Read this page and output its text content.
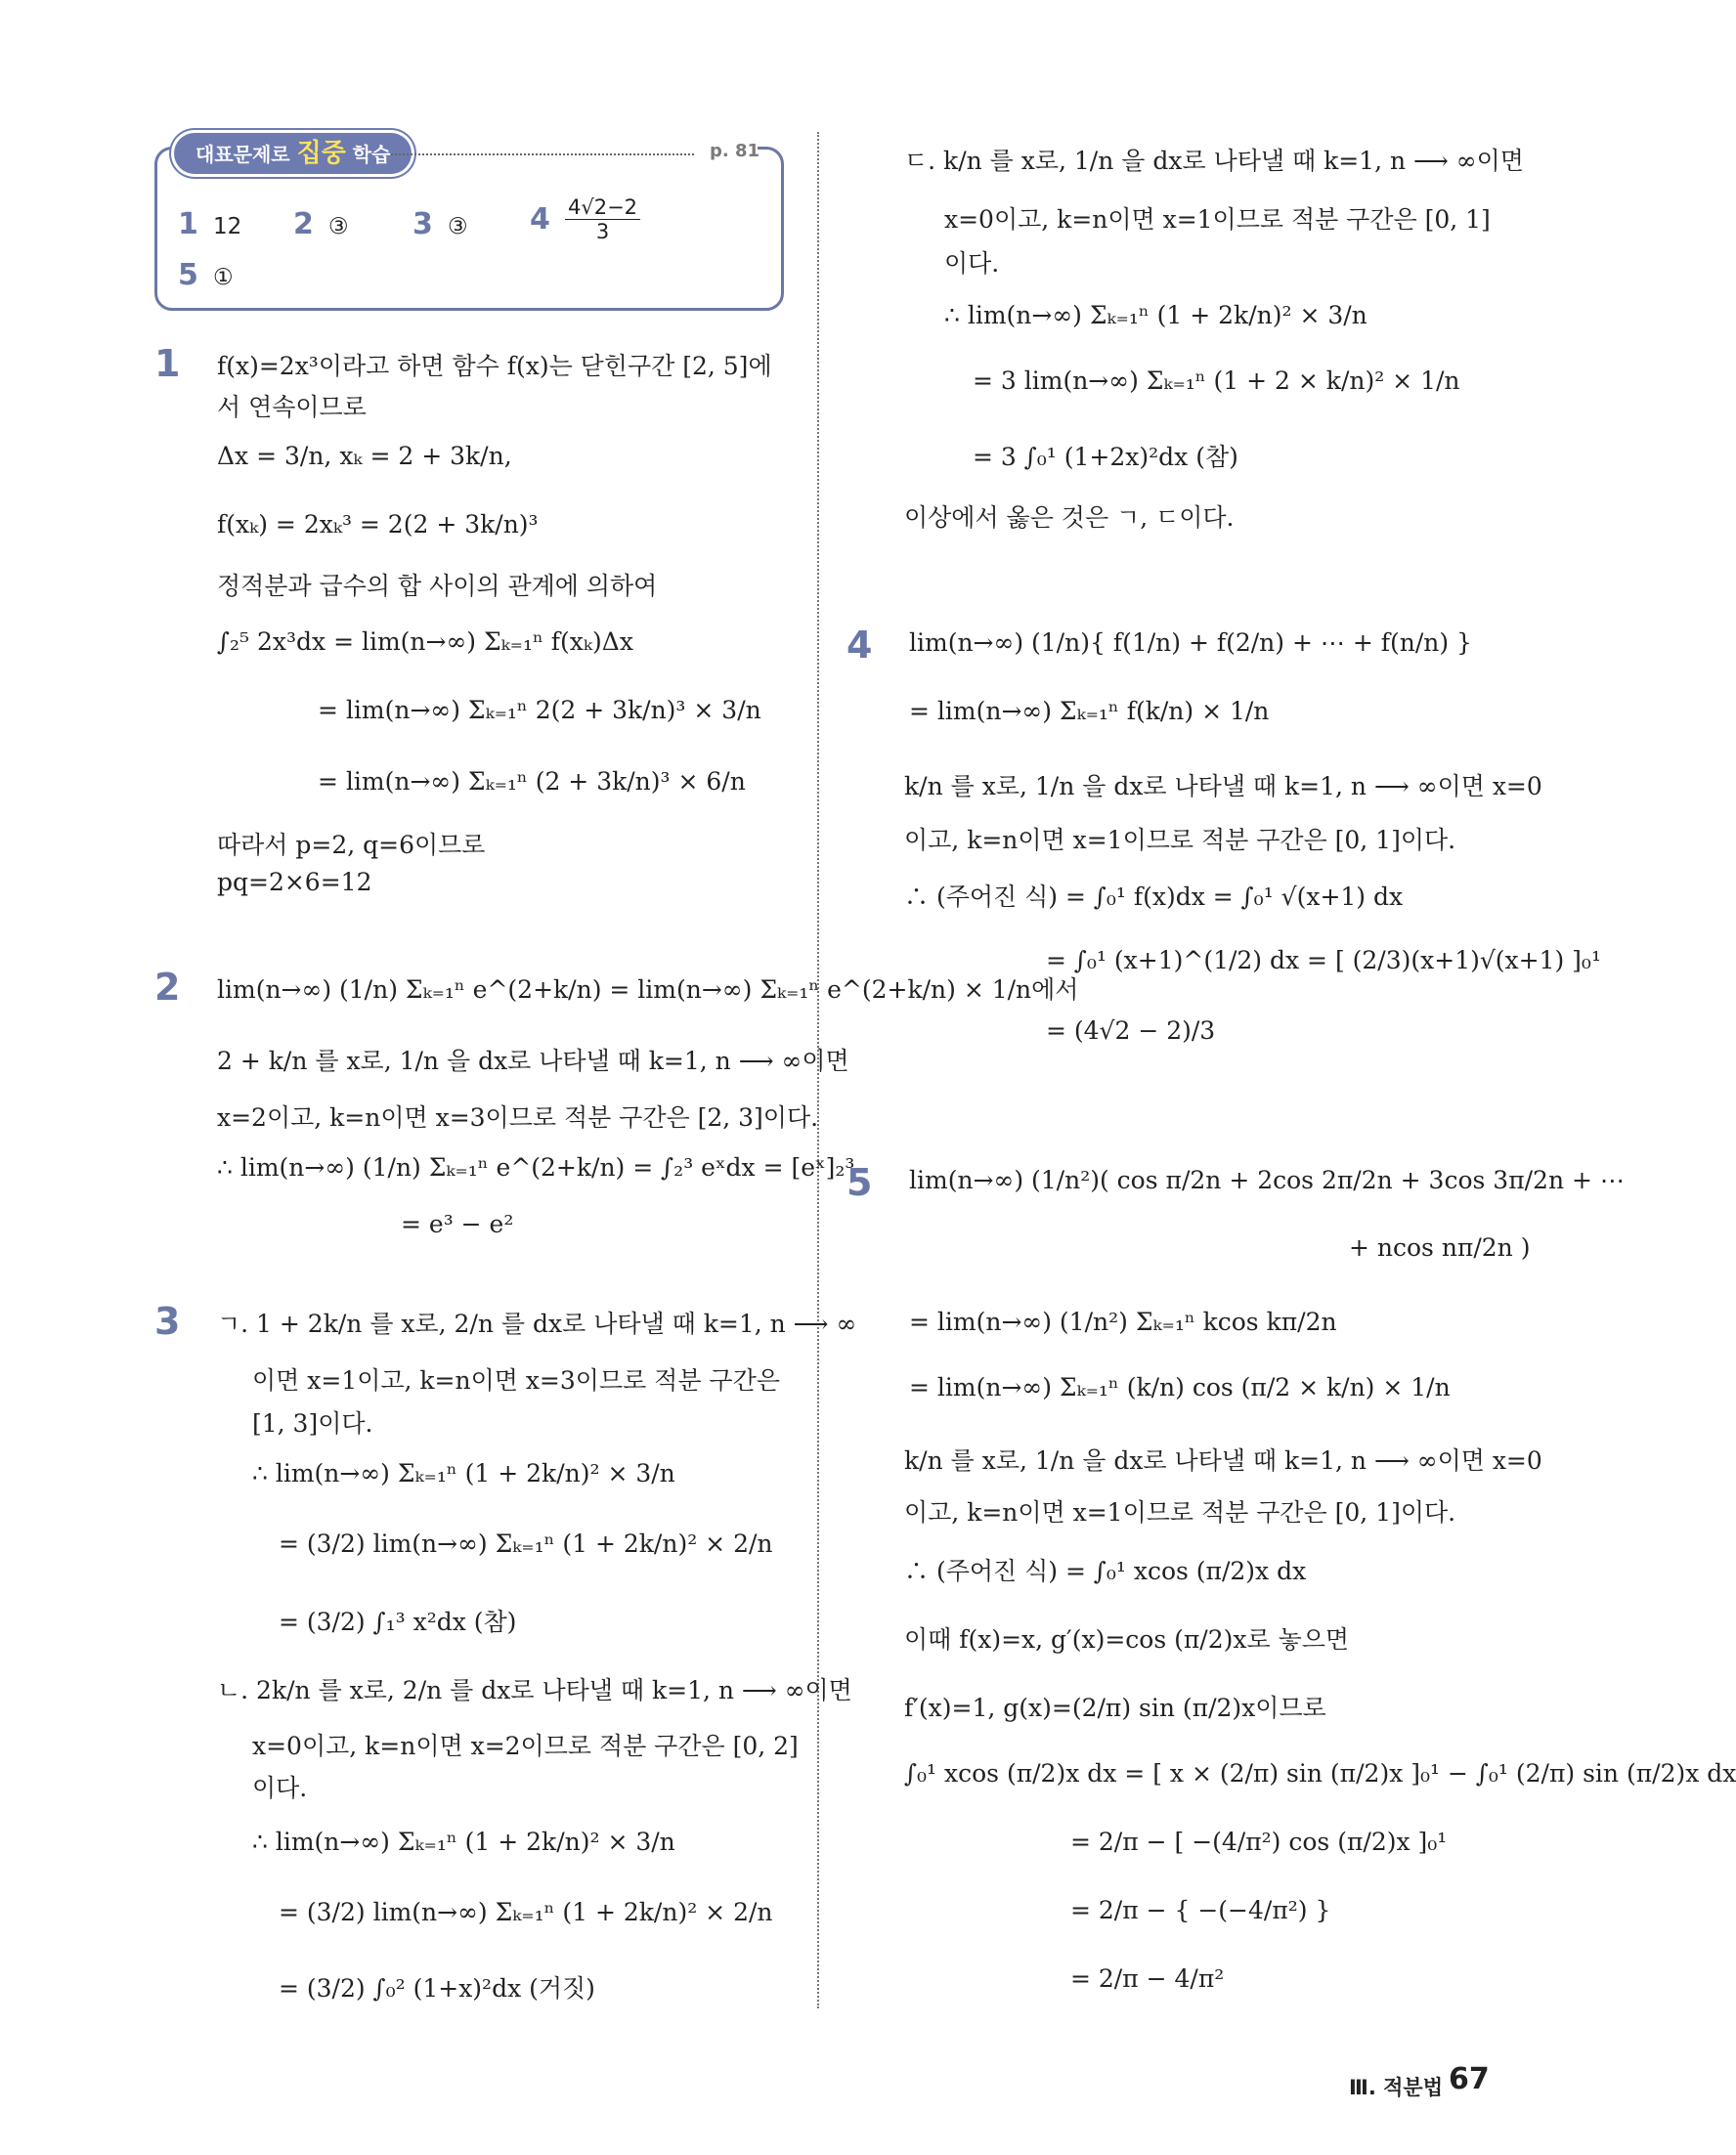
대표문제로 집중 학습	p. 81
1 12 2 ③ 3 ③ $4 \frac{4√2-2}{3}$
5 ①
1 f(x)=2x³이라고 하면 함수 f(x)는 닫힌구간 [2, 5]에
서 연속이므로
Δx = 3/n, xₖ = 2 + 3k/n,
f(xₖ) = 2xₖ³ = 2(2 + 3k/n)³
정적분과 급수의 합 사이의 관계에 의하여
∫₂⁵ 2x³dx = lim(n→∞) Σₖ₌₁ⁿ f(xₖ)Δx
= lim(n→∞) Σₖ₌₁ⁿ 2(2 + 3k/n)³ × 3/n
= lim(n→∞) Σₖ₌₁ⁿ (2 + 3k/n)³ × 6/n
따라서 p=2, q=6이므로
pq=2×6=12
2 lim(n→∞) (1/n) Σₖ₌₁ⁿ e^(2+k/n) = lim(n→∞) Σₖ₌₁ⁿ e^(2+k/n) × 1/n에서
2 + k/n 를 x로, 1/n 을 dx로 나타낼 때 k=1, n ⟶ ∞이면
x=2이고, k=n이면 x=3이므로 적분 구간은 [2, 3]이다.
∴ lim(n→∞) (1/n) Σₖ₌₁ⁿ e^(2+k/n) = ∫₂³ eˣdx = [eˣ]₂³
= e³ − e²
3 ㄱ. 1 + 2k/n 를 x로, 2/n 를 dx로 나타낼 때 k=1, n ⟶ ∞
이면 x=1이고, k=n이면 x=3이므로 적분 구간은
[1, 3]이다.
∴ lim(n→∞) Σₖ₌₁ⁿ (1 + 2k/n)² × 3/n
= (3/2) lim(n→∞) Σₖ₌₁ⁿ (1 + 2k/n)² × 2/n
= (3/2) ∫₁³ x²dx (참)
ㄴ. 2k/n 를 x로, 2/n 를 dx로 나타낼 때 k=1, n ⟶ ∞이면
x=0이고, k=n이면 x=2이므로 적분 구간은 [0, 2]
이다.
∴ lim(n→∞) Σₖ₌₁ⁿ (1 + 2k/n)² × 3/n
= (3/2) lim(n→∞) Σₖ₌₁ⁿ (1 + 2k/n)² × 2/n
= (3/2) ∫₀² (1+x)²dx (거짓)
ㄷ. k/n 를 x로, 1/n 을 dx로 나타낼 때 k=1, n ⟶ ∞이면
x=0이고, k=n이면 x=1이므로 적분 구간은 [0, 1]
이다.
∴ lim(n→∞) Σₖ₌₁ⁿ (1 + 2k/n)² × 3/n
= 3 lim(n→∞) Σₖ₌₁ⁿ (1 + 2 × k/n)² × 1/n
= 3 ∫₀¹ (1+2x)²dx (참)
이상에서 옳은 것은 ㄱ, ㄷ이다.
4 lim(n→∞) (1/n){ f(1/n) + f(2/n) + ⋯ + f(n/n) }
= lim(n→∞) Σₖ₌₁ⁿ f(k/n) × 1/n
k/n 를 x로, 1/n 을 dx로 나타낼 때 k=1, n ⟶ ∞이면 x=0
이고, k=n이면 x=1이므로 적분 구간은 [0, 1]이다.
∴ (주어진 식) = ∫₀¹ f(x)dx = ∫₀¹ √(x+1) dx
= ∫₀¹ (x+1)^(1/2) dx = [ (2/3)(x+1)√(x+1) ]₀¹
= (4√2 − 2)/3
5 lim(n→∞) (1/n²)( cos π/2n + 2cos 2π/2n + 3cos 3π/2n + ⋯
+ ncos nπ/2n )
= lim(n→∞) (1/n²) Σₖ₌₁ⁿ kcos kπ/2n
= lim(n→∞) Σₖ₌₁ⁿ (k/n) cos (π/2 × k/n) × 1/n
k/n 를 x로, 1/n 을 dx로 나타낼 때 k=1, n ⟶ ∞이면 x=0
이고, k=n이면 x=1이므로 적분 구간은 [0, 1]이다.
∴ (주어진 식) = ∫₀¹ xcos (π/2)x dx
이때 f(x)=x, g′(x)=cos (π/2)x로 놓으면
f′(x)=1, g(x)=(2/π) sin (π/2)x이므로
∫₀¹ xcos (π/2)x dx = [ x × (2/π) sin (π/2)x ]₀¹ − ∫₀¹ (2/π) sin (π/2)x dx
= 2/π − [ −(4/π²) cos (π/2)x ]₀¹
= 2/π − { −(−4/π²) }
= 2/π − 4/π²
Ⅲ. 적분법 67
